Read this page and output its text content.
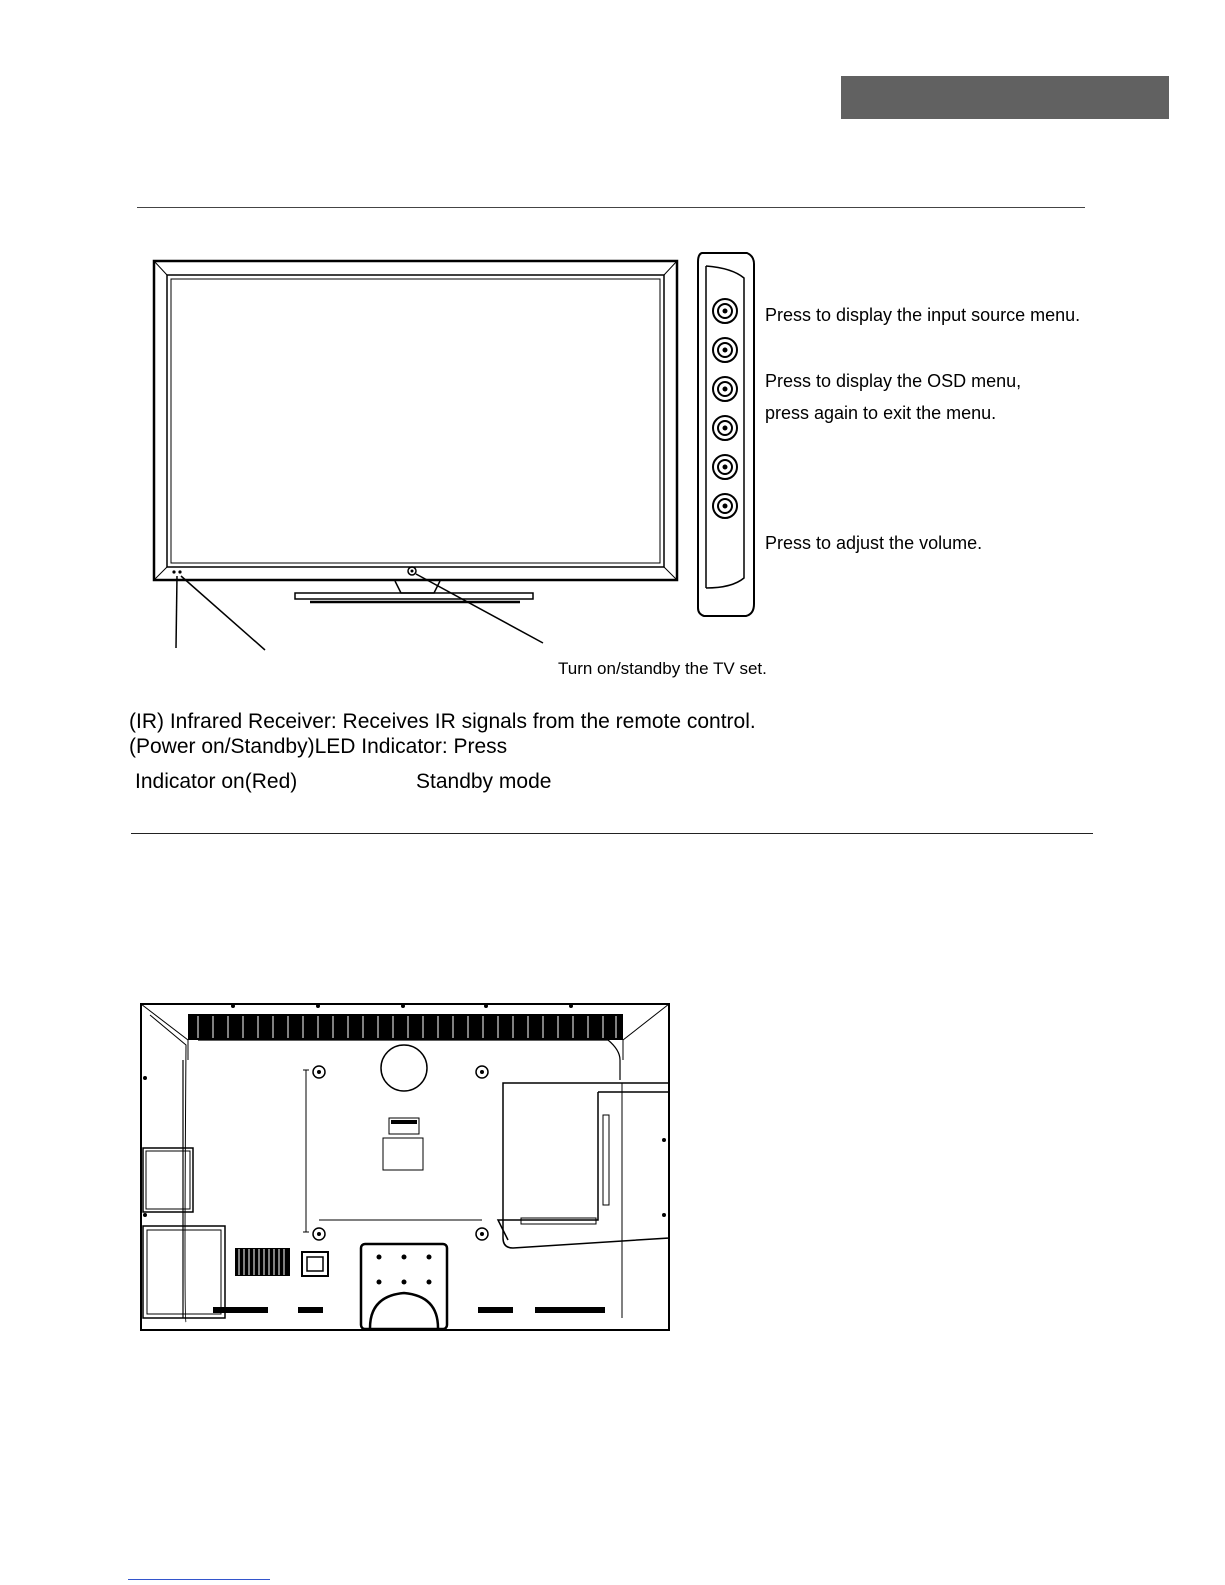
Press to display the input source menu.
Press to display the OSD menu,
press again to exit the menu.
Press to adjust the volume.
Turn on/standby the TV set.
(IR) Infrared Receiver: Receives IR signals from the remote control.
(Power on/Standby)LED Indicator: Press
Indicator on(Red)	Standby mode
